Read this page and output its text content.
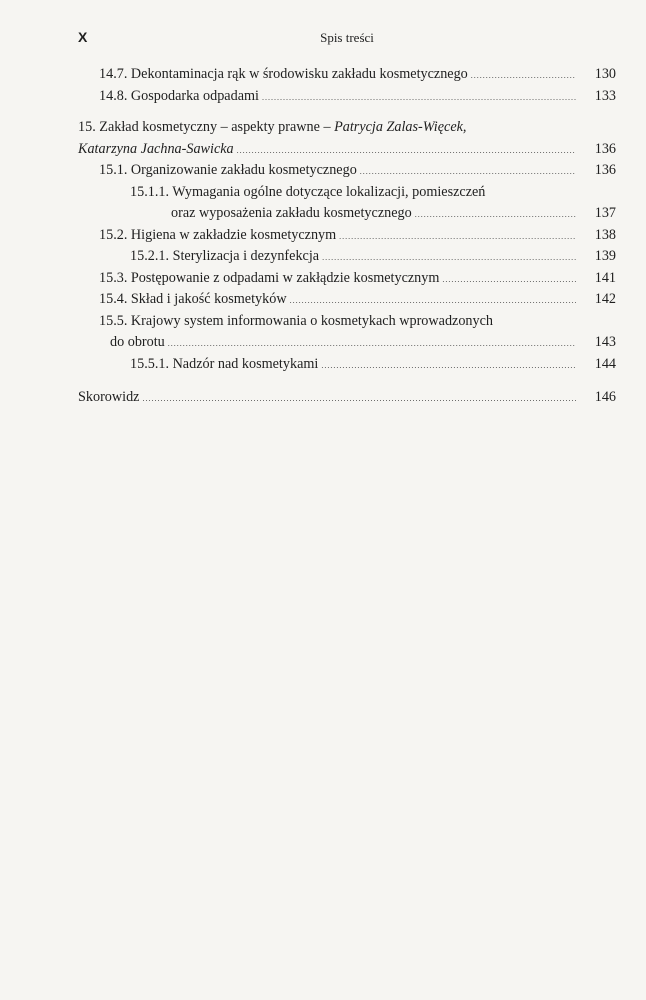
X	Spis treści
14.7. Dekontaminacja rąk w środowisku zakładu kosmetycznego .....	130
14.8. Gospodarka odpadami .....	133
15. Zakład kosmetyczny – aspekty prawne – Patrycja Zalas-Więcek,
Katarzyna Jachna-Sawicka .....	136
15.1. Organizowanie zakładu kosmetycznego .....	136
15.1.1. Wymagania ogólne dotyczące lokalizacji, pomieszczeń
oraz wyposażenia zakładu kosmetycznego .....	137
15.2. Higiena w zakładzie kosmetycznym .....	138
15.2.1. Sterylizacja i dezynfekcja .....	139
15.3. Postępowanie z odpadami w zakłądzie kosmetycznym .....	141
15.4. Skład i jakość kosmetyków .....	142
15.5. Krajowy system informowania o kosmetykach wprowadzonych
do obrotu .....	143
15.5.1. Nadzór nad kosmetykami .....	144
Skorowidz .....	146
